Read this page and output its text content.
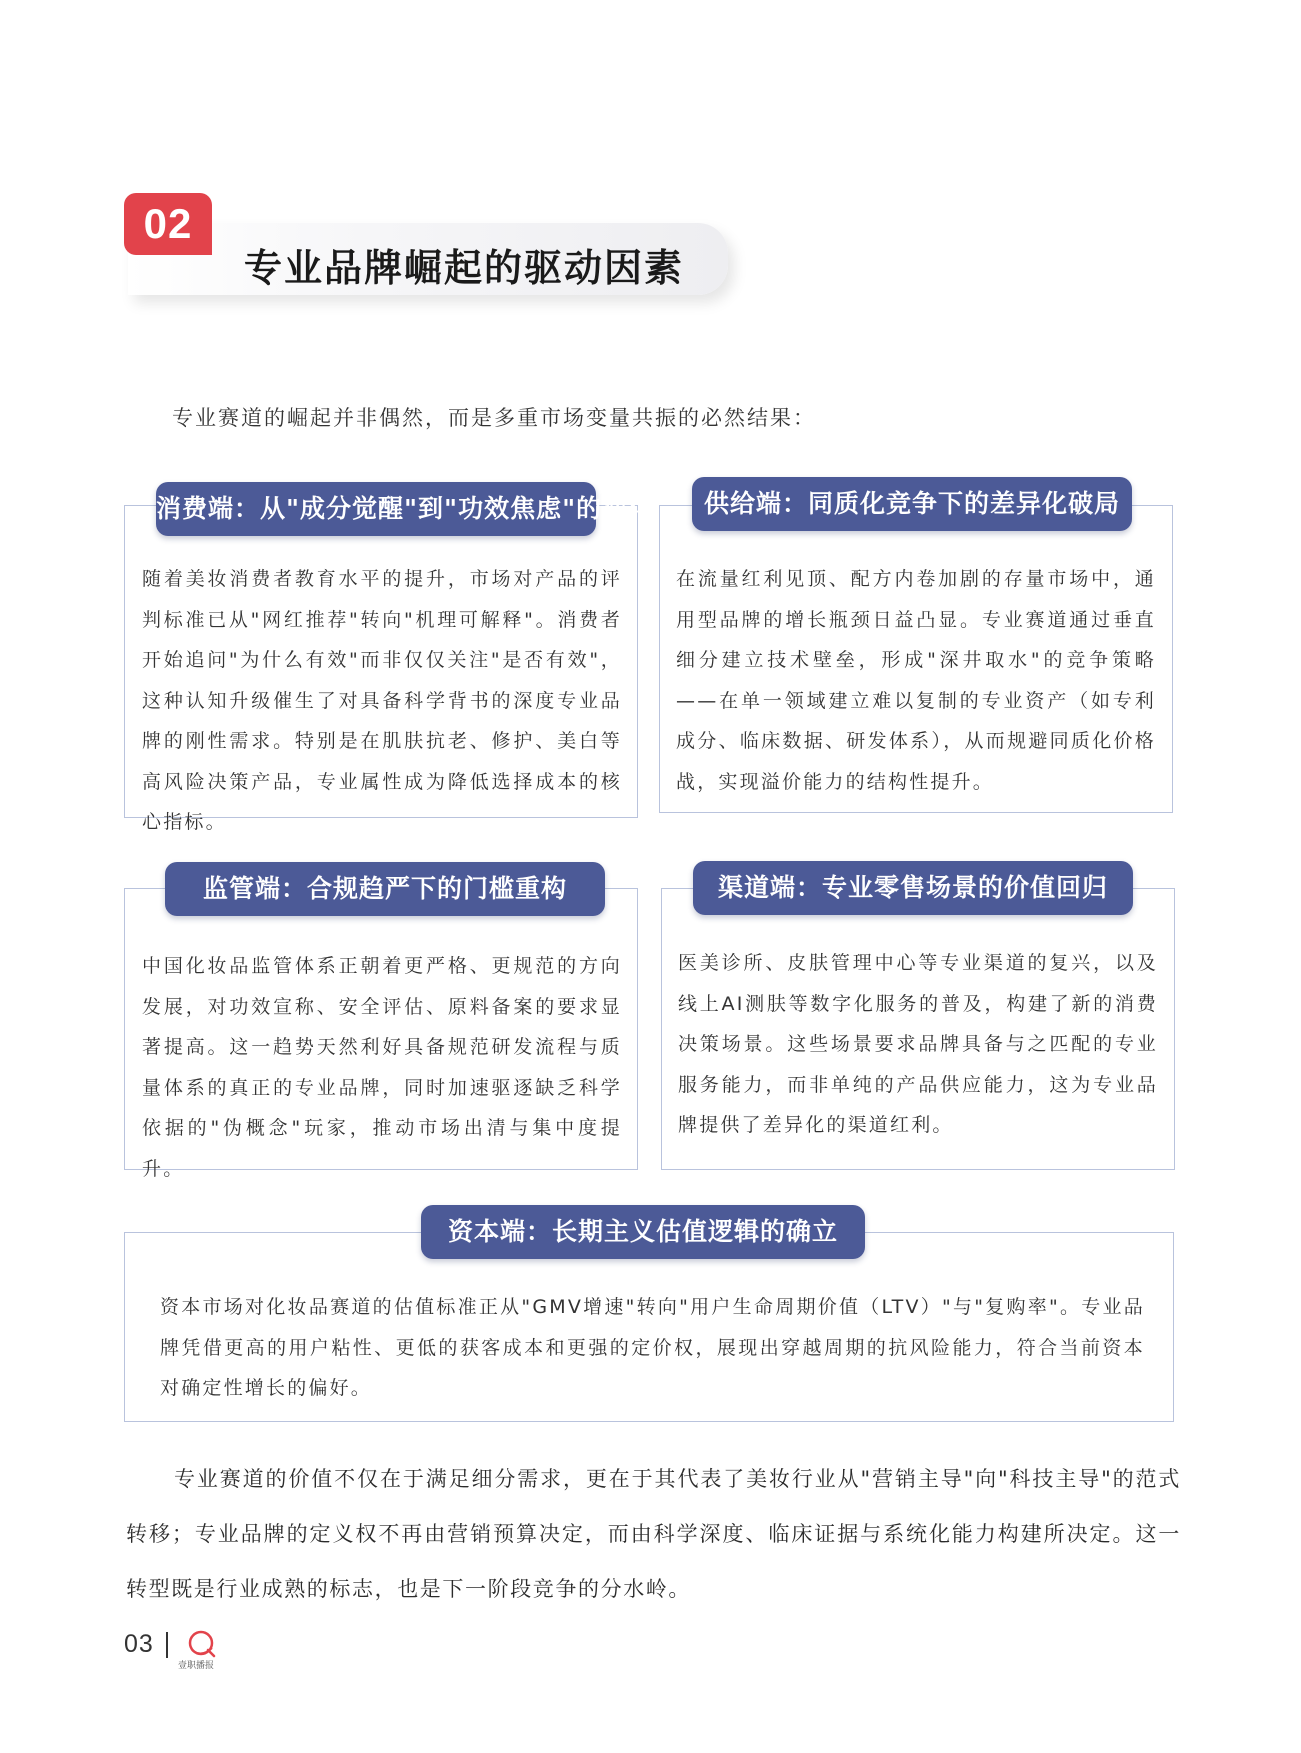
02
专业品牌崛起的驱动因素
专业赛道的崛起并非偶然，而是多重市场变量共振的必然结果：
消费端：从"成分觉醒"到"功效焦虑"的深化
随着美妆消费者教育水平的提升，市场对产品的评判标准已从"网红推荐"转向"机理可解释"。消费者开始追问"为什么有效"而非仅仅关注"是否有效"，这种认知升级催生了对具备科学背书的深度专业品牌的刚性需求。特别是在肌肤抗老、修护、美白等高风险决策产品，专业属性成为降低选择成本的核心指标。
供给端：同质化竞争下的差异化破局
在流量红利见顶、配方内卷加剧的存量市场中，通用型品牌的增长瓶颈日益凸显。专业赛道通过垂直细分建立技术壁垒，形成"深井取水"的竞争策略——在单一领域建立难以复制的专业资产（如专利成分、临床数据、研发体系），从而规避同质化价格战，实现溢价能力的结构性提升。
监管端：合规趋严下的门槛重构
中国化妆品监管体系正朝着更严格、更规范的方向发展，对功效宣称、安全评估、原料备案的要求显著提高。这一趋势天然利好具备规范研发流程与质量体系的真正的专业品牌，同时加速驱逐缺乏科学依据的"伪概念"玩家，推动市场出清与集中度提升。
渠道端：专业零售场景的价值回归
医美诊所、皮肤管理中心等专业渠道的复兴，以及线上AI测肤等数字化服务的普及，构建了新的消费决策场景。这些场景要求品牌具备与之匹配的专业服务能力，而非单纯的产品供应能力，这为专业品牌提供了差异化的渠道红利。
资本端：长期主义估值逻辑的确立
资本市场对化妆品赛道的估值标准正从"GMV增速"转向"用户生命周期价值（LTV）"与"复购率"。专业品牌凭借更高的用户粘性、更低的获客成本和更强的定价权，展现出穿越周期的抗风险能力，符合当前资本对确定性增长的偏好。
专业赛道的价值不仅在于满足细分需求，更在于其代表了美妆行业从"营销主导"向"科技主导"的范式转移；专业品牌的定义权不再由营销预算决定，而由科学深度、临床证据与系统化能力构建所决定。这一转型既是行业成熟的标志，也是下一阶段竞争的分水岭。
03
壹职播报
